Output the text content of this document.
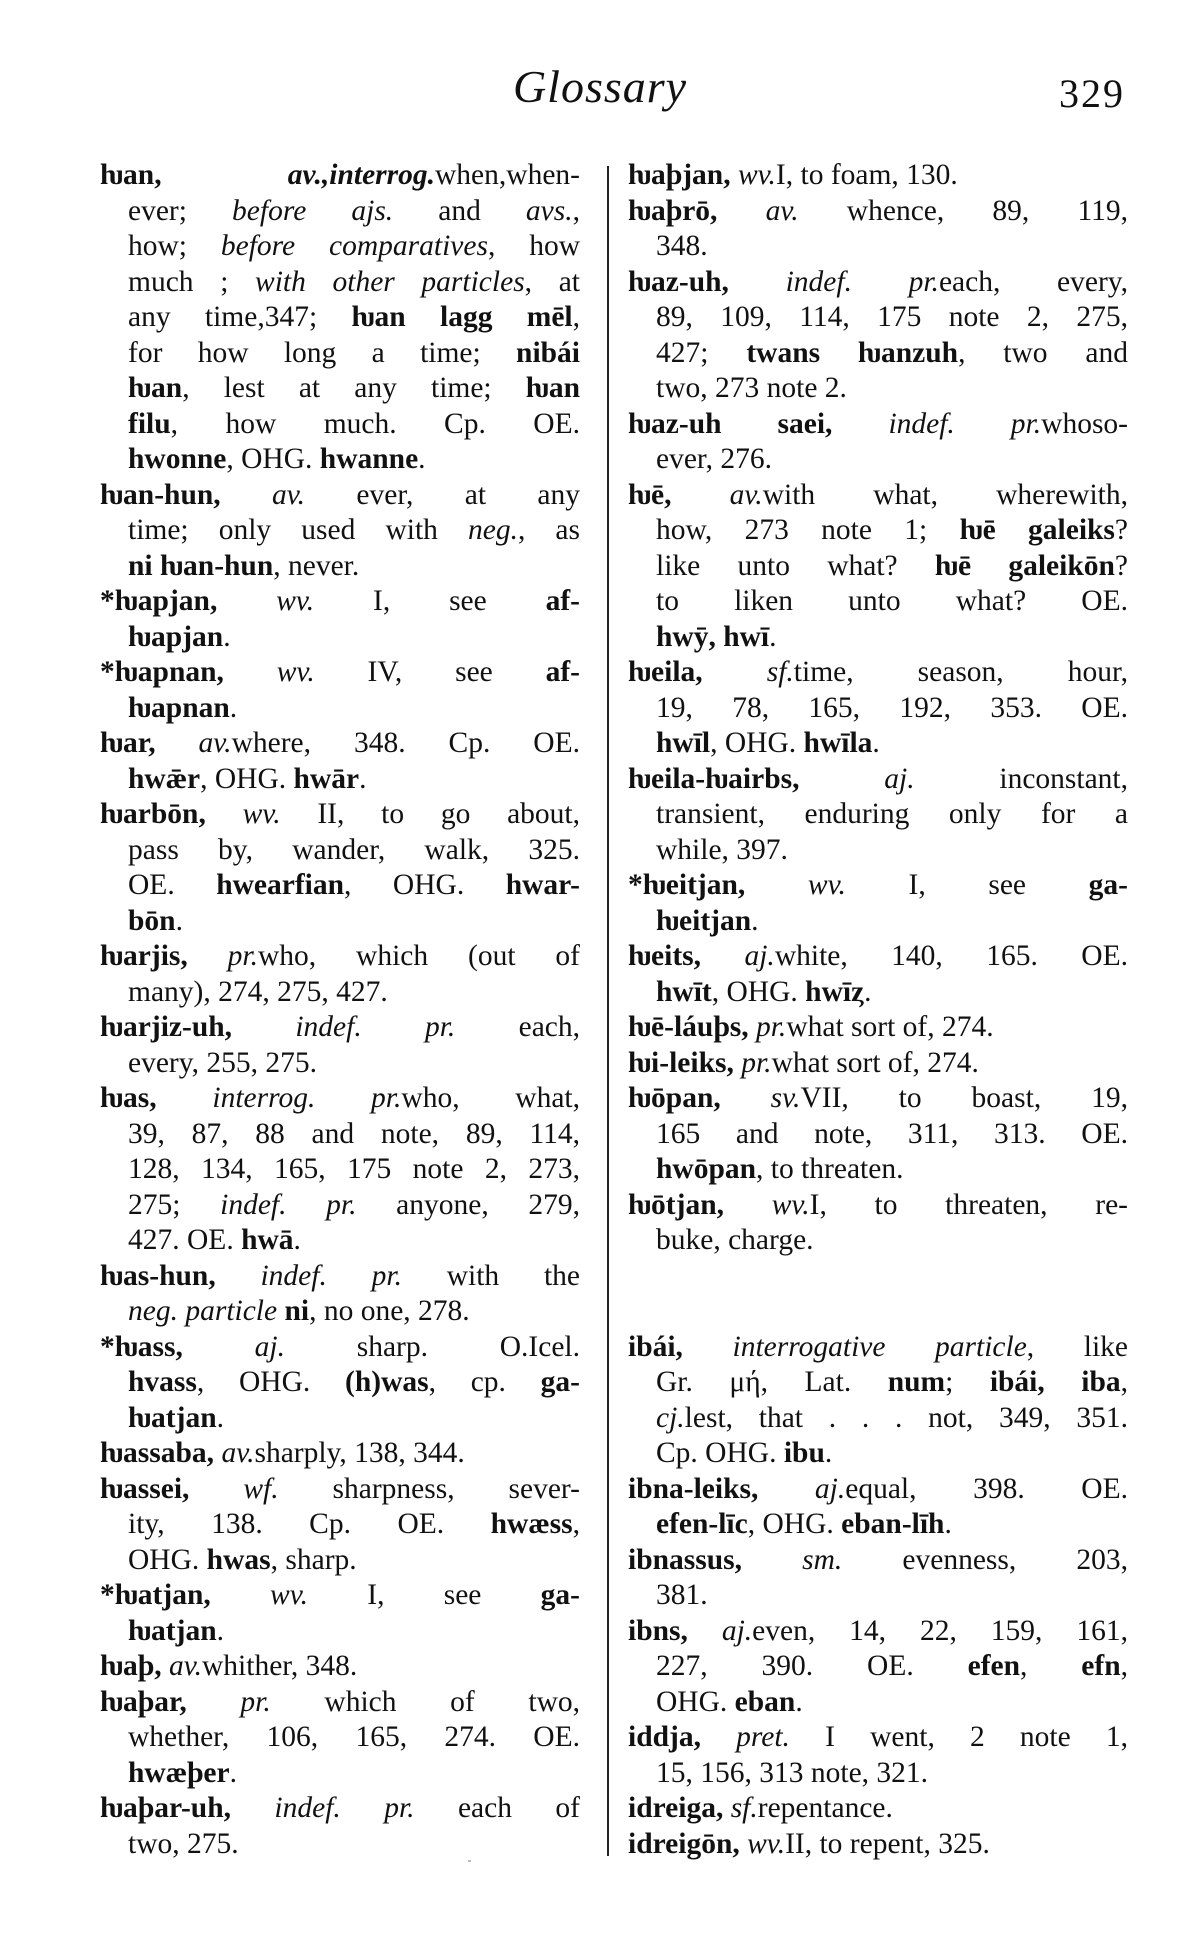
Glossary	329
ƕan, av.,interrog.when,when-
ever; before ajs. and avs.,
how; before comparatives, how
much ; with other particles, at
any time,347; ƕan lagg mēl,
for how long a time; nibái
ƕan, lest at any time; ƕan
filu, how much. Cp. OE.
hwonne, OHG. hwanne.
ƕan-hun, av. ever, at any
time; only used with neg., as
ni ƕan-hun, never.
*ƕapjan, wv. I, see af-
ƕapjan.
*ƕapnan, wv. IV, see af-
ƕapnan.
ƕar, av.where, 348. Cp. OE.
hwǣr, OHG. hwār.
ƕarbōn, wv. II, to go about,
pass by, wander, walk, 325.
OE. hwearfian, OHG. hwar-
bōn.
ƕarjis, pr.who, which (out of
many), 274, 275, 427.
ƕarjiz-uh, indef. pr. each,
every, 255, 275.
ƕas, interrog. pr.who, what,
39, 87, 88 and note, 89, 114,
128, 134, 165, 175 note 2, 273,
275; indef. pr. anyone, 279,
427. OE. hwā.
ƕas-hun, indef. pr. with the
neg. particle ni, no one, 278.
*ƕass, aj. sharp. O.Icel.
hvass, OHG. (h)was, cp. ga-
ƕatjan.
ƕassaba, av.sharply, 138, 344.
ƕassei, wf. sharpness, sever-
ity, 138. Cp. OE. hwæss,
OHG. hwas, sharp.
*ƕatjan, wv. I, see ga-
ƕatjan.
ƕaþ, av.whither, 348.
ƕaþar, pr. which of two,
whether, 106, 165, 274. OE.
hwæþer.
ƕaþar-uh, indef. pr. each of
two, 275.
ƕaþjan, wv.I, to foam, 130.
ƕaþrō, av. whence, 89, 119,
348.
ƕaz-uh, indef. pr.each, every,
89, 109, 114, 175 note 2, 275,
427; twans ƕanzuh, two and
two, 273 note 2.
ƕaz-uh saei, indef. pr.whoso-
ever, 276.
ƕē, av.with what, wherewith,
how, 273 note 1; ƕē galeiks?
like unto what? ƕē galeikōn?
to liken unto what? OE.
hwȳ, hwī.
ƕeila, sf.time, season, hour,
19, 78, 165, 192, 353. OE.
hwīl, OHG. hwīla.
ƕeila-ƕairbs, aj. inconstant,
transient, enduring only for a
while, 397.
*ƕeitjan, wv. I, see ga-
ƕeitjan.
ƕeits, aj.white, 140, 165. OE.
hwīt, OHG. hwīȥ.
ƕē-láuþs, pr.what sort of, 274.
ƕi-leiks, pr.what sort of, 274.
ƕōpan, sv.VII, to boast, 19,
165 and note, 311, 313. OE.
hwōpan, to threaten.
ƕōtjan, wv.I, to threaten, re-
buke, charge.
ibái, interrogative particle, like
Gr. μή, Lat. num; ibái, iba,
cj.lest, that . . . not, 349, 351.
Cp. OHG. ibu.
ibna-leiks, aj.equal, 398. OE.
efen-līc, OHG. eban-līh.
ibnassus, sm. evenness, 203,
381.
ibns, aj.even, 14, 22, 159, 161,
227, 390. OE. efen, efn,
OHG. eban.
iddja, pret. I went, 2 note 1,
15, 156, 313 note, 321.
idreiga, sf.repentance.
idreigōn, wv.II, to repent, 325.
